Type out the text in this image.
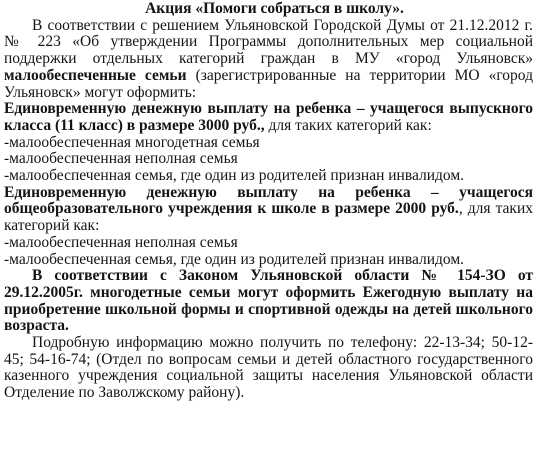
Акция «Помоги собраться в школу».

В соответствии с решением Ульяновской Городской Думы от 21.12.2012 г. № 223 «Об утверждении Программы дополнительных мер социальной поддержки отдельных категорий граждан в МУ «город Ульяновск» малообеспеченные семьи (зарегистрированные на территории МО «город Ульяновск» могут оформить:

Единовременную денежную выплату на ребенка – учащегося выпускного класса (11 класс) в размере 3000 руб., для таких категорий как:

-малообеспеченная многодетная семья

-малообеспеченная неполная семья

-малообеспеченная семья, где один из родителей признан инвалидом.

Единовременную денежную выплату на ребенка – учащегося общеобразовательного учреждения к школе в размере 2000 руб., для таких категорий как:

-малообеспеченная неполная семья

-малообеспеченная семья, где один из родителей признан инвалидом.

В соответствии с Законом Ульяновской области № 154-ЗО от 29.12.2005г. многодетные семьи могут оформить Ежегодную выплату на приобретение школьной формы и спортивной одежды на детей школьного возраста.

Подробную информацию можно получить по телефону: 22-13-34; 50-12-45; 54-16-74; (Отдел по вопросам семьи и детей областного государственного казенного учреждения социальной защиты населения Ульяновской области Отделение по Заволжскому району).
